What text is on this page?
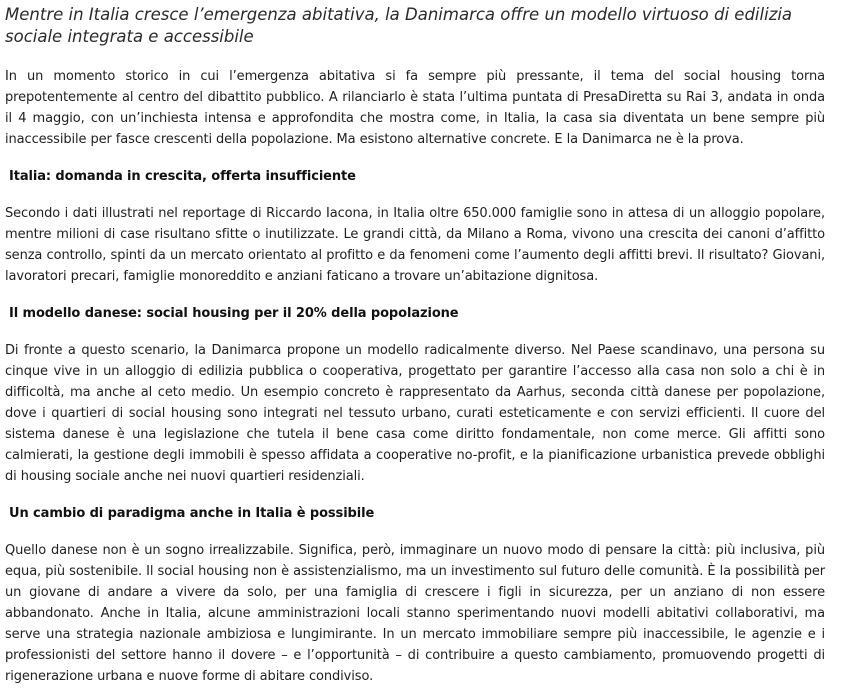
Mentre in Italia cresce l’emergenza abitativa, la Danimarca offre un modello virtuoso di edilizia sociale integrata e accessibile

In un momento storico in cui l’emergenza abitativa si fa sempre più pressante, il tema del social housing torna prepotentemente al centro del dibattito pubblico. A rilanciarlo è stata l’ultima puntata di PresaDiretta su Rai 3, andata in onda il 4 maggio, con un’inchiesta intensa e approfondita che mostra come, in Italia, la casa sia diventata un bene sempre più inaccessibile per fasce crescenti della popolazione. Ma esistono alternative concrete. E la Danimarca ne è la prova.

Italia: domanda in crescita, offerta insufficiente

Secondo i dati illustrati nel reportage di Riccardo Iacona, in Italia oltre 650.000 famiglie sono in attesa di un alloggio popolare, mentre milioni di case risultano sfitte o inutilizzate. Le grandi città, da Milano a Roma, vivono una crescita dei canoni d’affitto senza controllo, spinti da un mercato orientato al profitto e da fenomeni come l’aumento degli affitti brevi. Il risultato? Giovani, lavoratori precari, famiglie monoreddito e anziani faticano a trovare un’abitazione dignitosa.

Il modello danese: social housing per il 20% della popolazione

Di fronte a questo scenario, la Danimarca propone un modello radicalmente diverso. Nel Paese scandinavo, una persona su cinque vive in un alloggio di edilizia pubblica o cooperativa, progettato per garantire l’accesso alla casa non solo a chi è in difficoltà, ma anche al ceto medio. Un esempio concreto è rappresentato da Aarhus, seconda città danese per popolazione, dove i quartieri di social housing sono integrati nel tessuto urbano, curati esteticamente e con servizi efficienti. Il cuore del sistema danese è una legislazione che tutela il bene casa come diritto fondamentale, non come merce. Gli affitti sono calmierati, la gestione degli immobili è spesso affidata a cooperative no-profit, e la pianificazione urbanistica prevede obblighi di housing sociale anche nei nuovi quartieri residenziali.

Un cambio di paradigma anche in Italia è possibile

Quello danese non è un sogno irrealizzabile. Significa, però, immaginare un nuovo modo di pensare la città: più inclusiva, più equa, più sostenibile. Il social housing non è assistenzialismo, ma un investimento sul futuro delle comunità. È la possibilità per un giovane di andare a vivere da solo, per una famiglia di crescere i figli in sicurezza, per un anziano di non essere abbandonato. Anche in Italia, alcune amministrazioni locali stanno sperimentando nuovi modelli abitativi collaborativi, ma serve una strategia nazionale ambiziosa e lungimirante. In un mercato immobiliare sempre più inaccessibile, le agenzie e i professionisti del settore hanno il dovere – e l’opportunità – di contribuire a questo cambiamento, promuovendo progetti di rigenerazione urbana e nuove forme di abitare condiviso.
